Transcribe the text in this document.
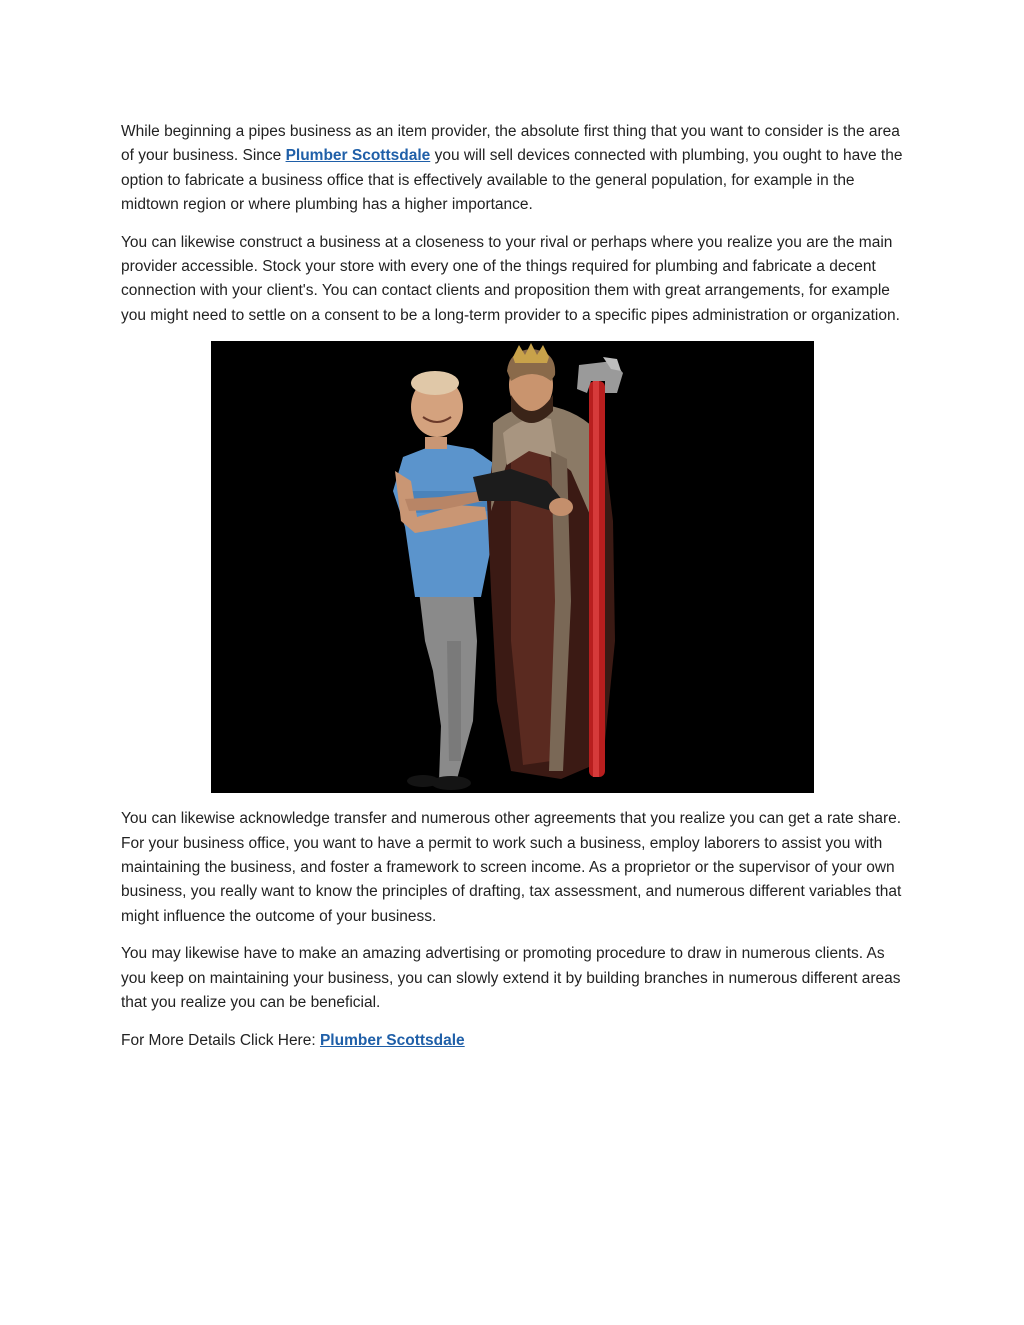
While beginning a pipes business as an item provider, the absolute first thing that you want to consider is the area of your business. Since Plumber Scottsdale you will sell devices connected with plumbing, you ought to have the option to fabricate a business office that is effectively available to the general population, for example in the midtown region or where plumbing has a higher importance.

You can likewise construct a business at a closeness to your rival or perhaps where you realize you are the main provider accessible. Stock your store with every one of the things required for plumbing and fabricate a decent connection with your client's. You can contact clients and proposition them with great arrangements, for example you might need to settle on a consent to be a long-term provider to a specific pipes administration or organization.

You can likewise acknowledge transfer and numerous other agreements that you realize you can get a rate share. For your business office, you want to have a permit to work such a business, employ laborers to assist you with maintaining the business, and foster a framework to screen income. As a proprietor or the supervisor of your own business, you really want to know the principles of drafting, tax assessment, and numerous different variables that might influence the outcome of your business.

You may likewise have to make an amazing advertising or promoting procedure to draw in numerous clients. As you keep on maintaining your business, you can slowly extend it by building branches in numerous different areas that you realize you can be beneficial.

For More Details Click Here: Plumber Scottsdale
